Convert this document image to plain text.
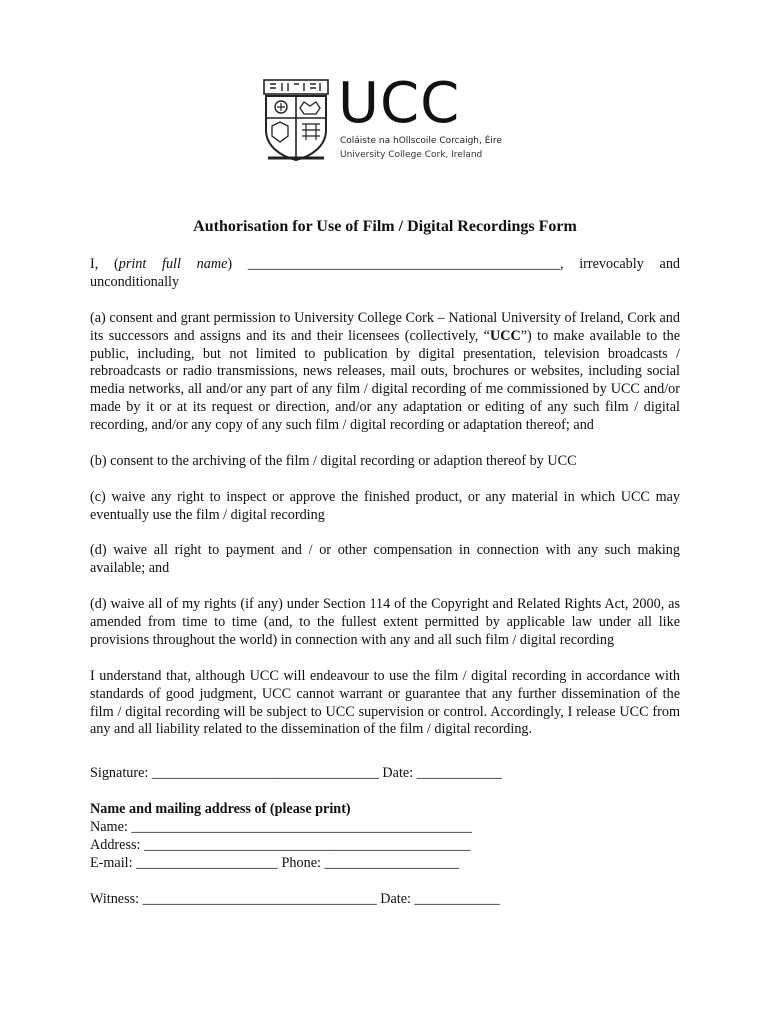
UCC
Coláiste na hOllscoile Corcaigh, Éire
University College Cork, Ireland
Authorisation for Use of Film / Digital Recordings Form

I, (print full name) ____________________________________________, irrevocably and unconditionally

(a) consent and grant permission to University College Cork – National University of Ireland, Cork and its successors and assigns and its and their licensees (collectively, “UCC”) to make available to the public, including, but not limited to publication by digital presentation, television broadcasts / rebroadcasts or radio transmissions, news releases, mail outs, brochures or websites, including social media networks, all and/or any part of any film / digital recording of me commissioned by UCC and/or made by it or at its request or direction, and/or any adaptation or editing of any such film / digital recording, and/or any copy of any such film / digital recording or adaptation thereof; and

(b) consent to the archiving of the film / digital recording or adaption thereof by UCC

(c) waive any right to inspect or approve the finished product, or any material in which UCC may eventually use the film / digital recording

(d) waive all right to payment and / or other compensation in connection with any such making available; and

(d) waive all of my rights (if any) under Section 114 of the Copyright and Related Rights Act, 2000, as amended from time to time (and, to the fullest extent permitted by applicable law under all like provisions throughout the world) in connection with any and all such film / digital recording

I understand that, although UCC will endeavour to use the film / digital recording in accordance with standards of good judgment, UCC cannot warrant or guarantee that any further dissemination of the film / digital recording will be subject to UCC supervision or control. Accordingly, I release UCC from any and all liability related to the dissemination of the film / digital recording.

Signature: ________________________________ Date: ____________
Name and mailing address of (please print)
Name: ________________________________________________
Address: ______________________________________________
E-mail: ____________________ Phone: ___________________
Witness: _________________________________ Date: ____________
